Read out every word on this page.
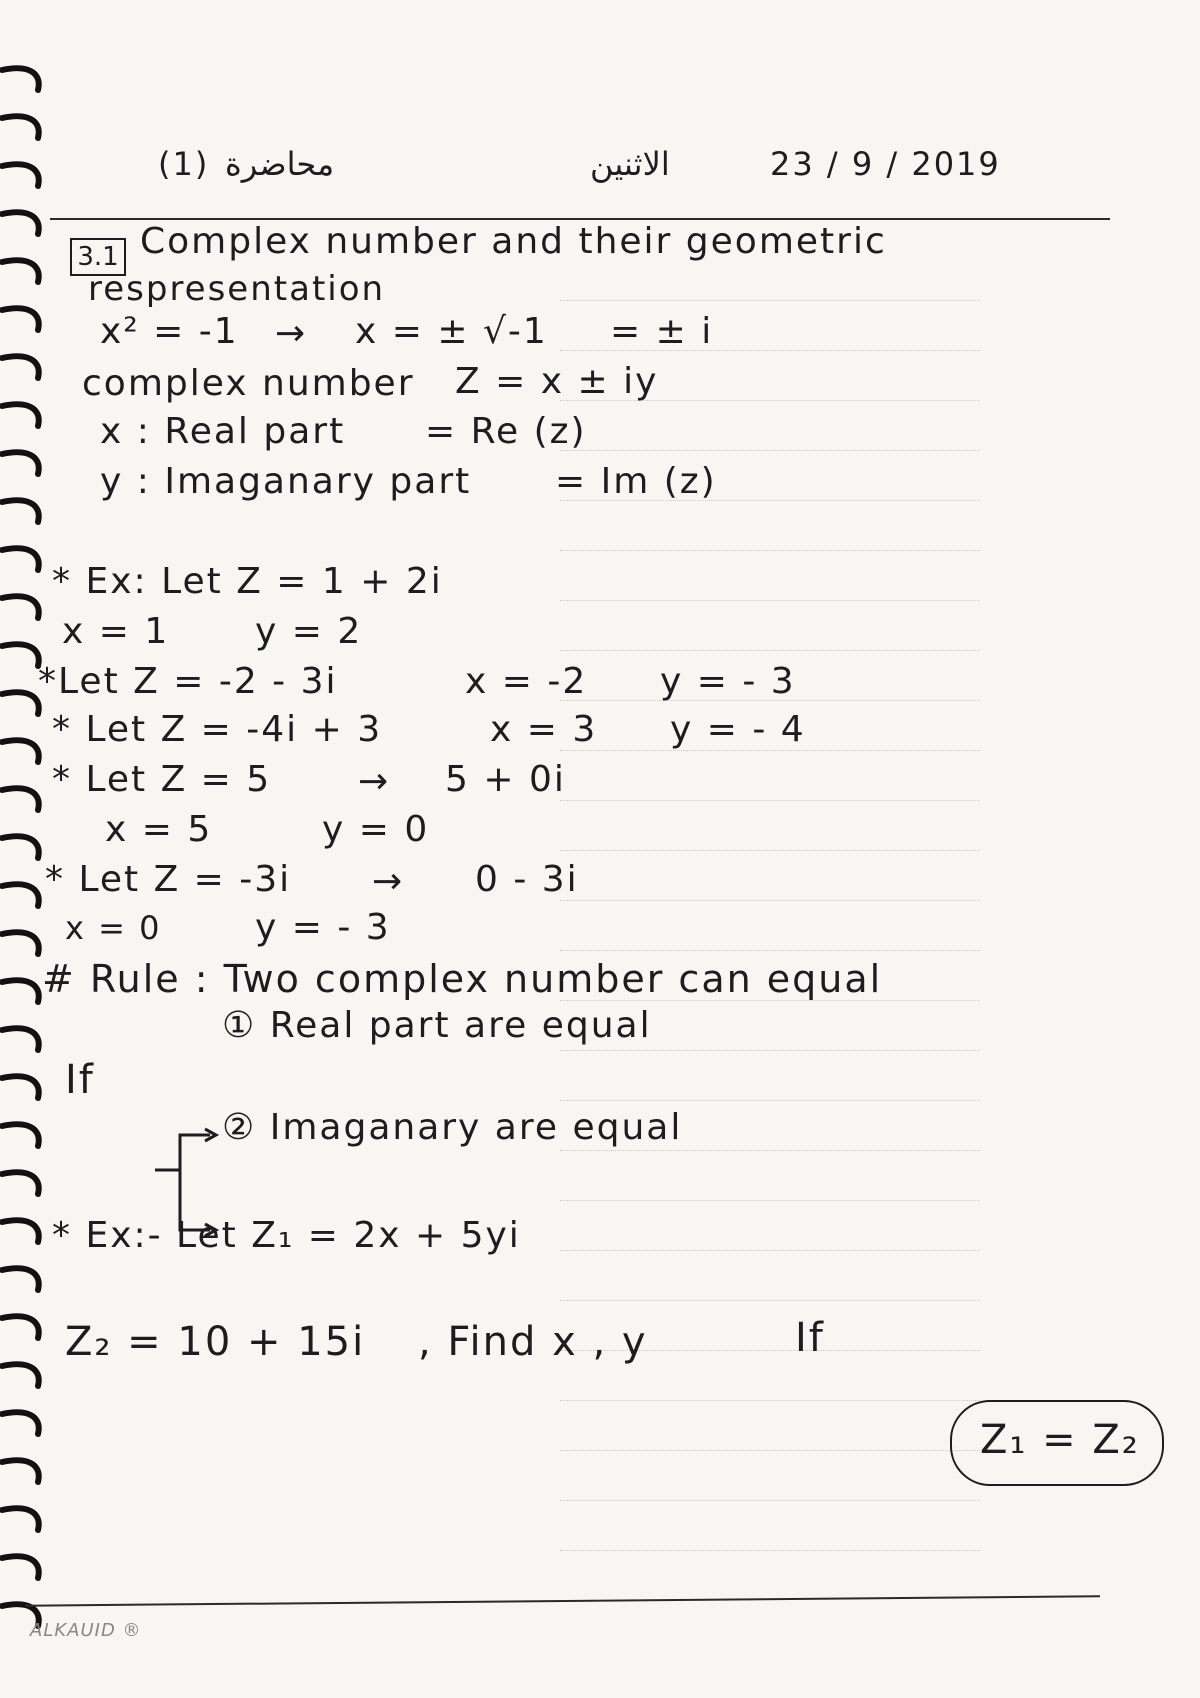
(1) محاضرة	الاثنين	23 / 9 / 2019
3.1 Complex number and their geometric
respresentation
x² = -1 → x = ± √-1 = ± i
complex number Z = x ± iy
x : Real part = Re (z)
y : Imaganary part = Im (z)
* Ex: Let Z = 1 + 2i
x = 1 y = 2
*Let Z = -2 - 3i	x = -2 y = - 3
* Let Z = -4i + 3	x = 3 y = - 4
* Let Z = 5 → 5 + 0i
x = 5	y = 0
* Let Z = -3i → 0 - 3i
x = 0	y = - 3
# Rule : Two complex number can equal
If
① Real part are equal
② Imaganary are equal
* Ex:- Let Z₁ = 2x + 5yi
Z₂ = 10 + 15i , Find x , y	If
Z₁ = Z₂
ALKAUID ®
